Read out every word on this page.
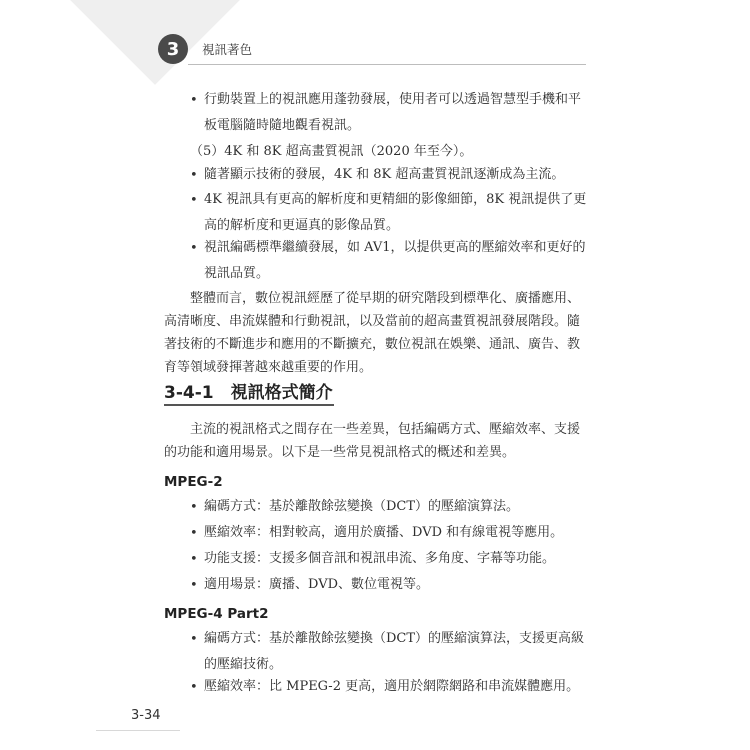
3	視訊著色
• 行動裝置上的視訊應用蓬勃發展，使用者可以透過智慧型手機和平板電腦隨時隨地觀看視訊。
（5）4K 和 8K 超高畫質視訊（2020 年至今）。
• 隨著顯示技術的發展，4K 和 8K 超高畫質視訊逐漸成為主流。
• 4K 視訊具有更高的解析度和更精細的影像細節，8K 視訊提供了更高的解析度和更逼真的影像品質。
• 視訊編碼標準繼續發展，如 AV1，以提供更高的壓縮效率和更好的視訊品質。
整體而言，數位視訊經歷了從早期的研究階段到標準化、廣播應用、高清晰度、串流媒體和行動視訊，以及當前的超高畫質視訊發展階段。隨著技術的不斷進步和應用的不斷擴充，數位視訊在娛樂、通訊、廣告、教育等領域發揮著越來越重要的作用。
3-4-1　視訊格式簡介
主流的視訊格式之間存在一些差異，包括編碼方式、壓縮效率、支援的功能和適用場景。以下是一些常見視訊格式的概述和差異。
MPEG-2
• 編碼方式：基於離散餘弦變換（DCT）的壓縮演算法。
• 壓縮效率：相對較高，適用於廣播、DVD 和有線電視等應用。
• 功能支援：支援多個音訊和視訊串流、多角度、字幕等功能。
• 適用場景：廣播、DVD、數位電視等。
MPEG-4 Part2
• 編碼方式：基於離散餘弦變換（DCT）的壓縮演算法，支援更高級的壓縮技術。
• 壓縮效率：比 MPEG-2 更高，適用於網際網路和串流媒體應用。
3-34
